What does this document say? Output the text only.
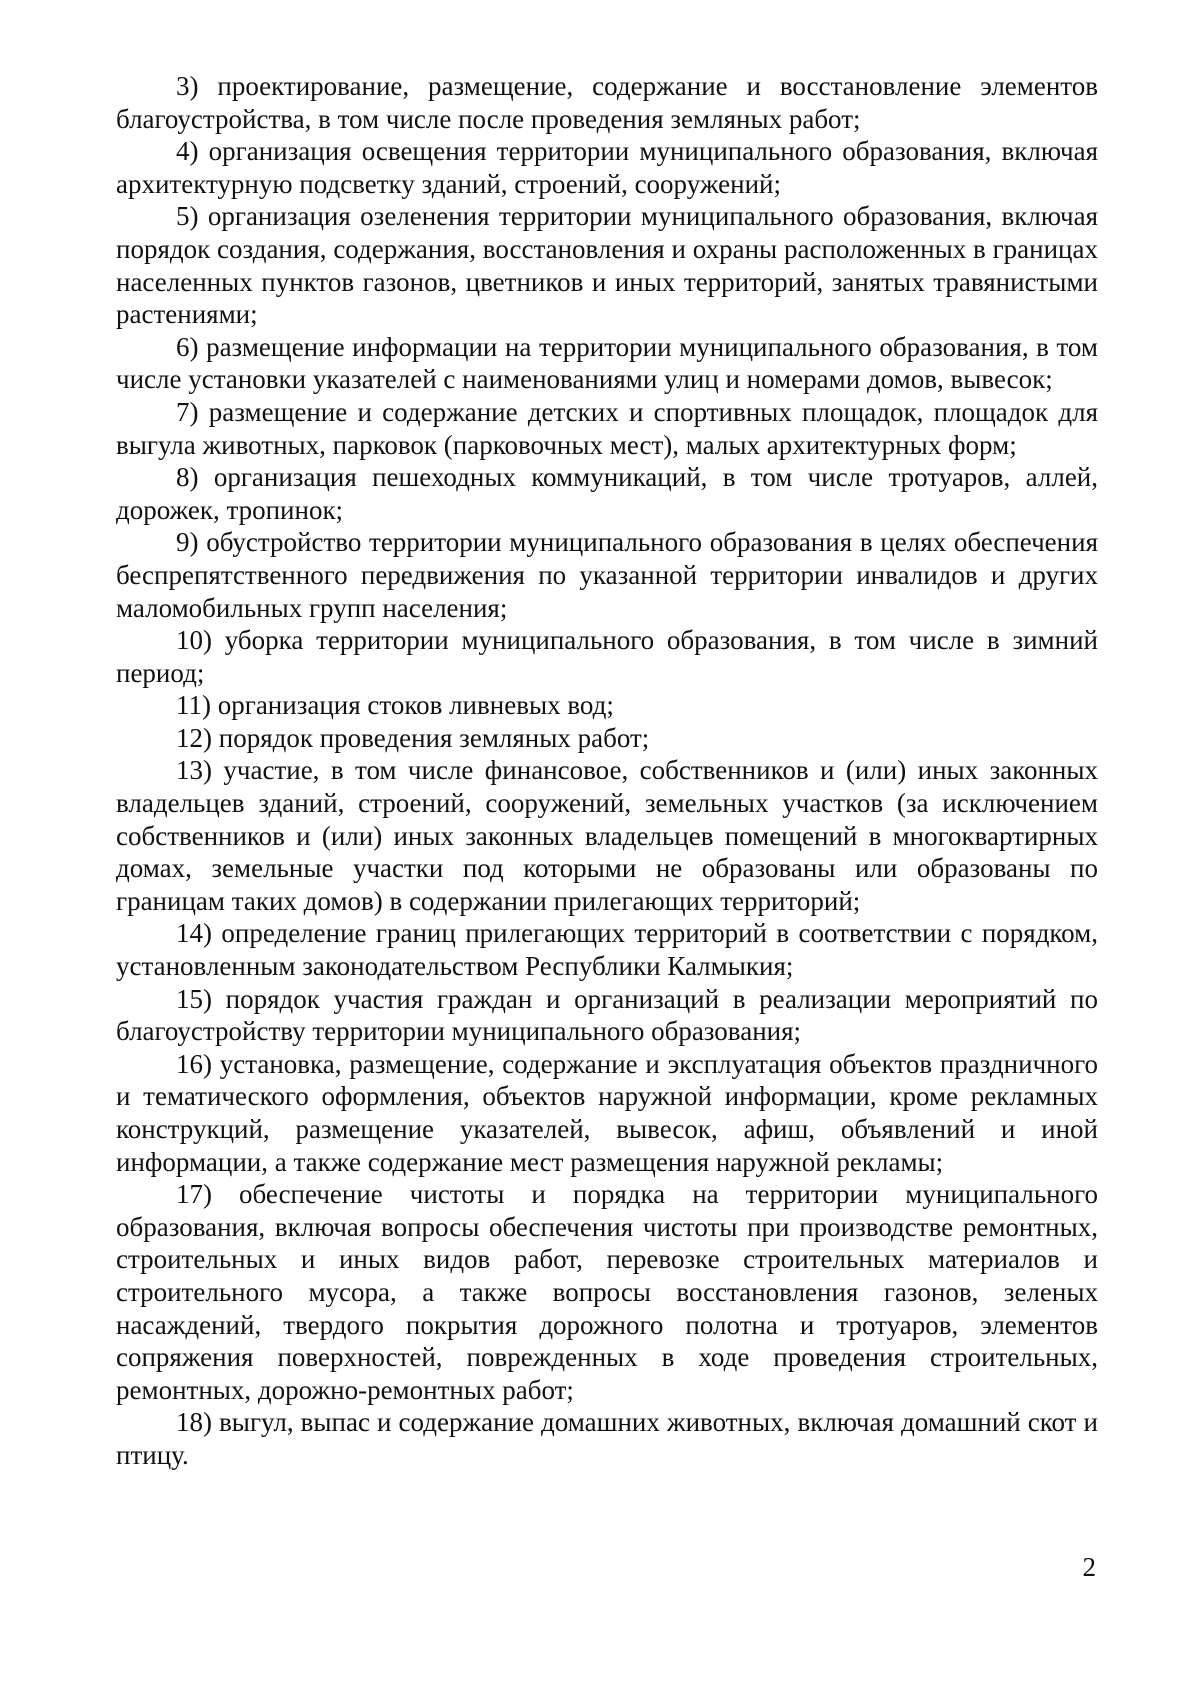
3) проектирование, размещение, содержание и восстановление элементов благоустройства, в том числе после проведения земляных работ;

4) организация освещения территории муниципального образования, включая архитектурную подсветку зданий, строений, сооружений;

5) организация озеленения территории муниципального образования, включая порядок создания, содержания, восстановления и охраны расположенных в границах населенных пунктов газонов, цветников и иных территорий, занятых травянистыми растениями;

6) размещение информации на территории муниципального образования, в том числе установки указателей с наименованиями улиц и номерами домов, вывесок;

7) размещение и содержание детских и спортивных площадок, площадок для выгула животных, парковок (парковочных мест), малых архитектурных форм;

8) организация пешеходных коммуникаций, в том числе тротуаров, аллей, дорожек, тропинок;

9) обустройство территории муниципального образования в целях обеспечения беспрепятственного передвижения по указанной территории инвалидов и других маломобильных групп населения;

10) уборка территории муниципального образования, в том числе в зимний период;

11) организация стоков ливневых вод;

12) порядок проведения земляных работ;

13) участие, в том числе финансовое, собственников и (или) иных законных владельцев зданий, строений, сооружений, земельных участков (за исключением собственников и (или) иных законных владельцев помещений в многоквартирных домах, земельные участки под которыми не образованы или образованы по границам таких домов) в содержании прилегающих территорий;

14) определение границ прилегающих территорий в соответствии с порядком, установленным законодательством Республики Калмыкия;

15) порядок участия граждан и организаций в реализации мероприятий по благоустройству территории муниципального образования;

16) установка, размещение, содержание и эксплуатация объектов праздничного и тематического оформления, объектов наружной информации, кроме рекламных конструкций, размещение указателей, вывесок, афиш, объявлений и иной информации, а также содержание мест размещения наружной рекламы;

17) обеспечение чистоты и порядка на территории муниципального образования, включая вопросы обеспечения чистоты при производстве ремонтных, строительных и иных видов работ, перевозке строительных материалов и строительного мусора, а также вопросы восстановления газонов, зеленых насаждений, твердого покрытия дорожного полотна и тротуаров, элементов сопряжения поверхностей, поврежденных в ходе проведения строительных, ремонтных, дорожно-ремонтных работ;

18) выгул, выпас и содержание домашних животных, включая домашний скот и птицу.

2
